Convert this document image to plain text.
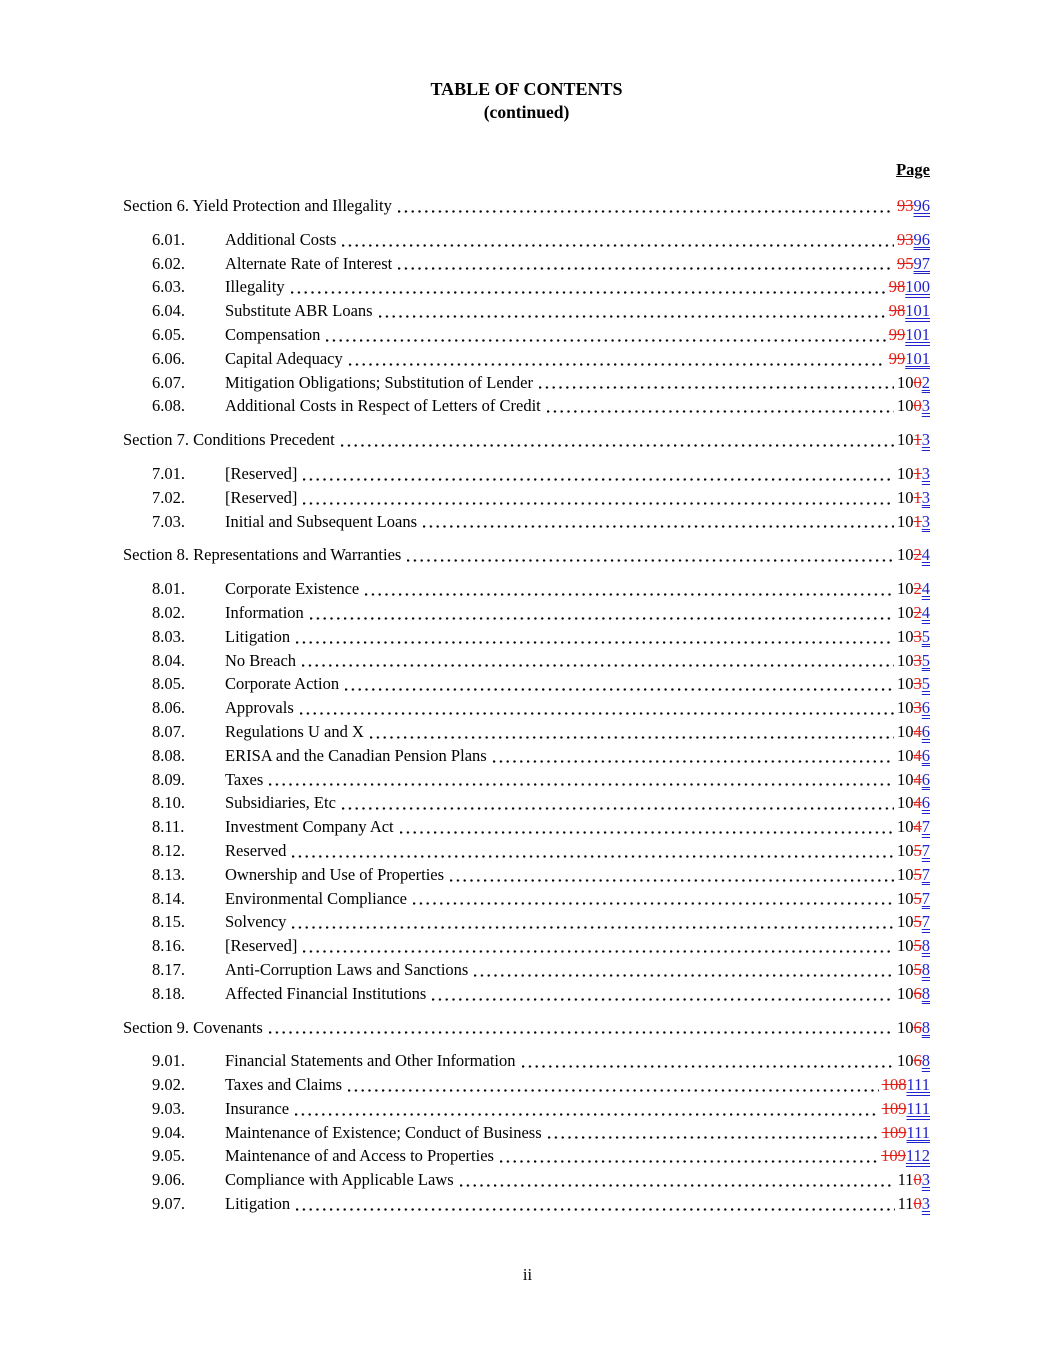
TABLE OF CONTENTS
(continued)
Page
Section 6. Yield Protection and Illegality	9396
6.01.	Additional Costs	9396
6.02.	Alternate Rate of Interest	9597
6.03.	Illegality	98100
6.04.	Substitute ABR Loans	98101
6.05.	Compensation	99101
6.06.	Capital Adequacy	99101
6.07.	Mitigation Obligations; Substitution of Lender	1002
6.08.	Additional Costs in Respect of Letters of Credit	1003
Section 7. Conditions Precedent	1013
7.01.	[Reserved]	1013
7.02.	[Reserved]	1013
7.03.	Initial and Subsequent Loans	1013
Section 8. Representations and Warranties	1024
8.01.	Corporate Existence	1024
8.02.	Information	1024
8.03.	Litigation	1035
8.04.	No Breach	1035
8.05.	Corporate Action	1035
8.06.	Approvals	1036
8.07.	Regulations U and X	1046
8.08.	ERISA and the Canadian Pension Plans	1046
8.09.	Taxes	1046
8.10.	Subsidiaries, Etc	1046
8.11.	Investment Company Act	1047
8.12.	Reserved	1057
8.13.	Ownership and Use of Properties	1057
8.14.	Environmental Compliance	1057
8.15.	Solvency	1057
8.16.	[Reserved]	1058
8.17.	Anti-Corruption Laws and Sanctions	1058
8.18.	Affected Financial Institutions	1068
Section 9. Covenants	1068
9.01.	Financial Statements and Other Information	1068
9.02.	Taxes and Claims	108111
9.03.	Insurance	109111
9.04.	Maintenance of Existence; Conduct of Business	109111
9.05.	Maintenance of and Access to Properties	109112
9.06.	Compliance with Applicable Laws	1103
9.07.	Litigation	1103
ii
